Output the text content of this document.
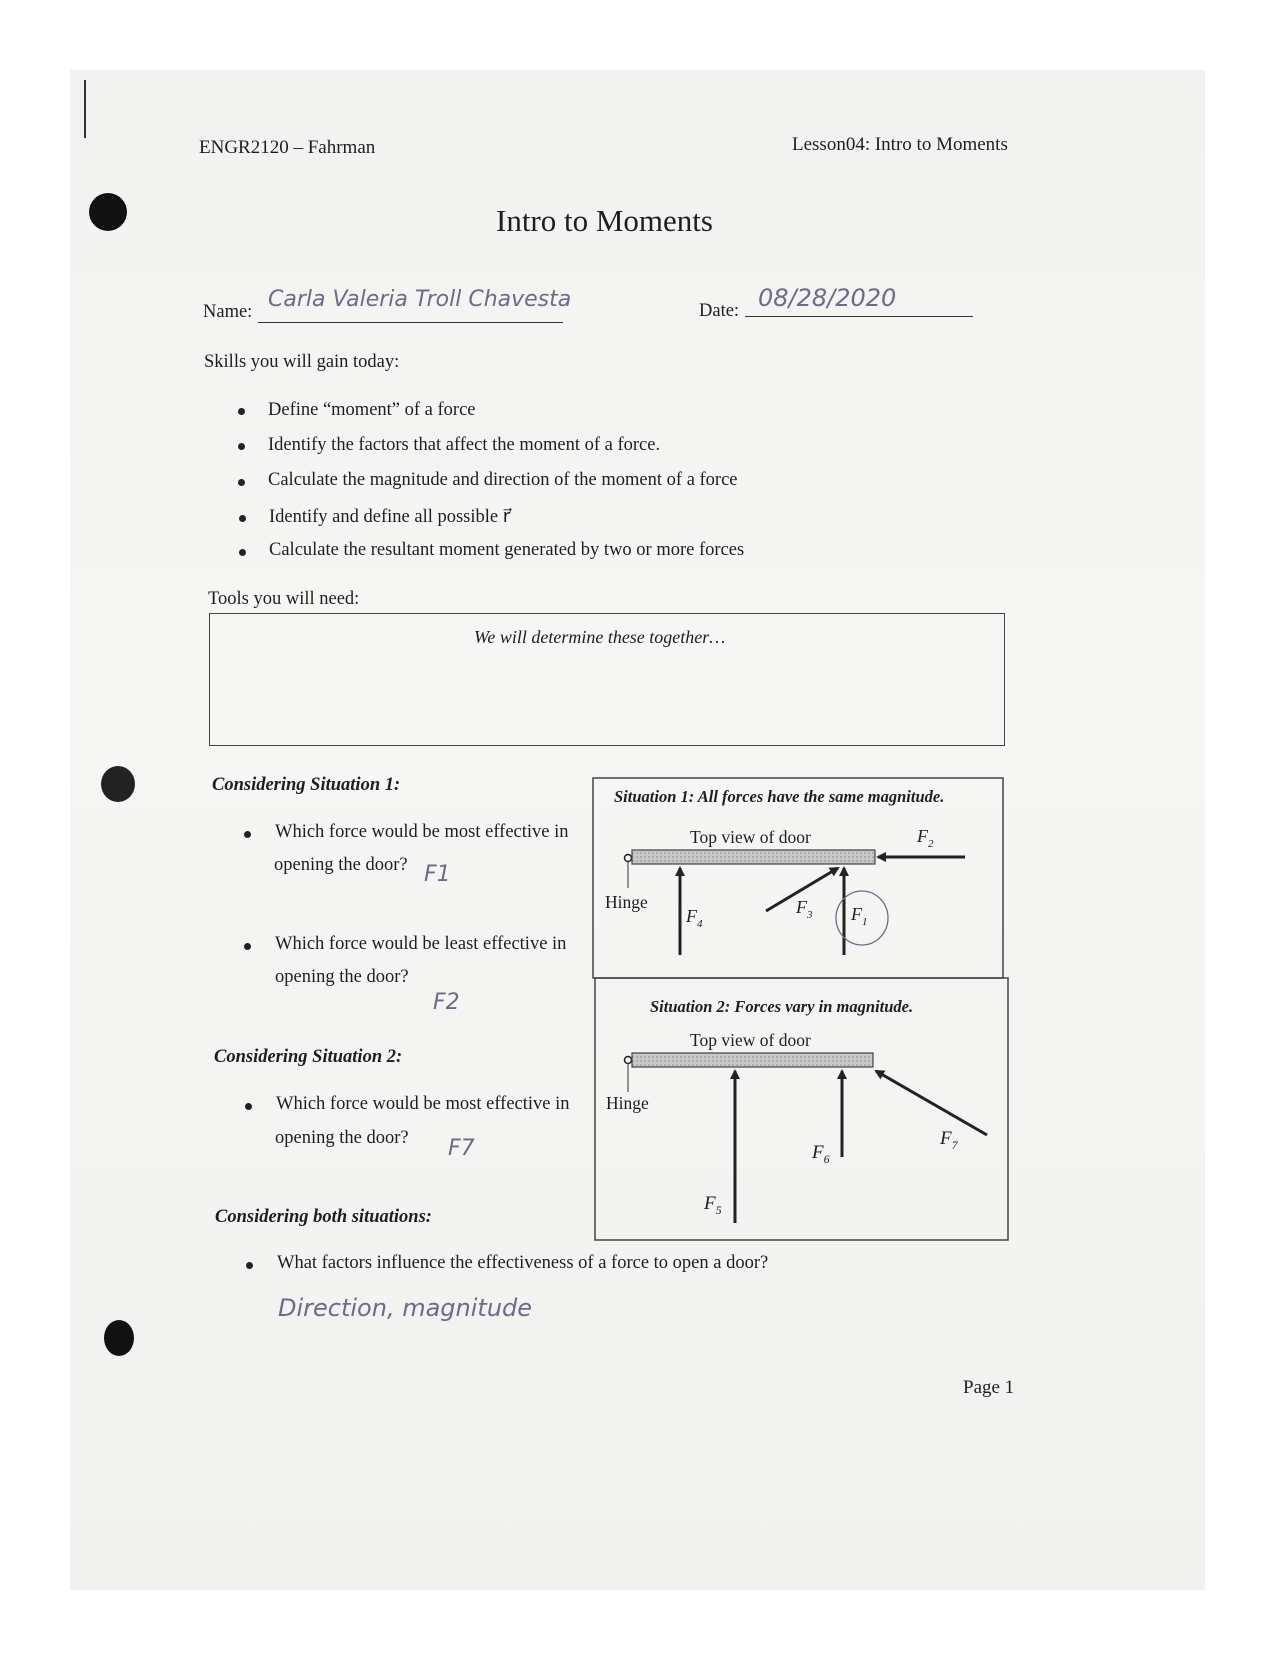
ENGR2120 – Fahrman	Lesson04: Intro to Moments
Intro to Moments
Name: Carla Valeria Troll Chavesta	Date: 08/28/2020
Skills you will gain today:
Define “moment” of a force
Identify the factors that affect the moment of a force.
Calculate the magnitude and direction of the moment of a force
Identify and define all possible r⃗
Calculate the resultant moment generated by two or more forces
Tools you will need:
We will determine these together…
Considering Situation 1:
Which force would be most effective in
opening the door? F1
Which force would be least effective in
opening the door?
F2
Considering Situation 2:
Which force would be most effective in
opening the door? F7
Considering both situations:
What factors influence the effectiveness of a force to open a door?
Direction, magnitude
Situation 1: All forces have the same magnitude.
Situation 2: Forces vary in magnitude.
Top view of door
Hinge
$F_2$
$F_4$
$F_3$ $F_1$
Top view of door
Hinge
$F_5$
$F_6$
$F_7$
Page 1
